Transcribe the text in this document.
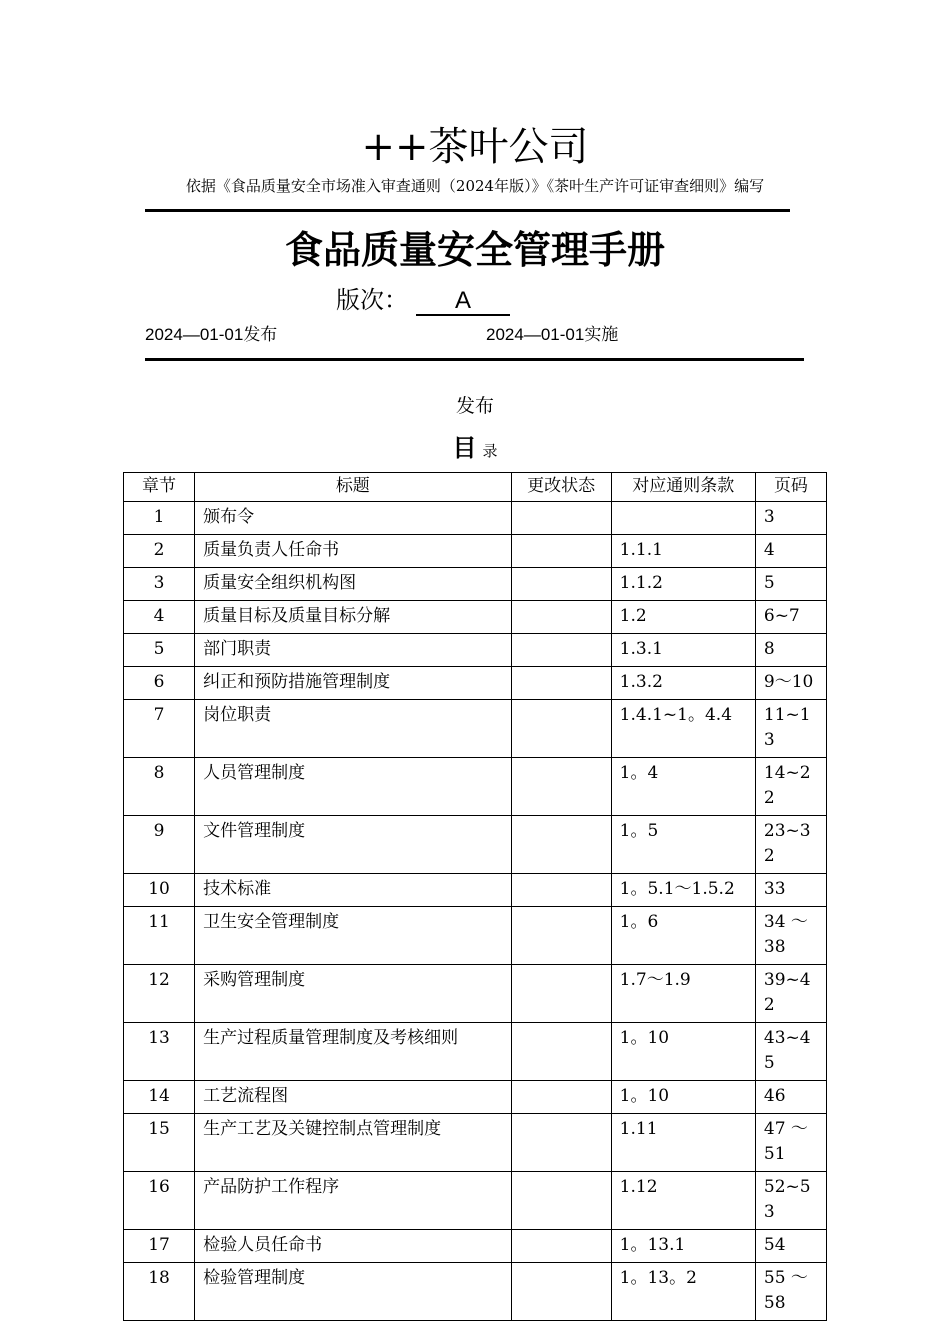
++茶叶公司
依据《食品质量安全市场准入审查通则（2024年版）》《茶叶生产许可证审查细则》编写
食品质量安全管理手册
版次： A
2024—01-01发布	2024—01-01实施
发布
目录
章节	标题	更改状态	对应通则条款	页码
1	颁布令			3
2	质量负责人任命书		1.1.1	4
3	质量安全组织机构图		1.1.2	5
4	质量目标及质量目标分解		1.2	6~7
5	部门职责		1.3.1	8
6	纠正和预防措施管理制度		1.3.2	9～10
7	岗位职责		1.4.1~1。4.4	11~13
8	人员管理制度		1。4	14~22
9	文件管理制度		1。5	23~32
10	技术标准		1。5.1～1.5.2	33
11	卫生安全管理制度		1。6	34 ～38
12	采购管理制度		1.7～1.9	39~42
13	生产过程质量管理制度及考核细则		1。10	43~45
14	工艺流程图		1。10	46
15	生产工艺及关键控制点管理制度		1.11	47 ～51
16	产品防护工作程序		1.12	52~53
17	检验人员任命书		1。13.1	54
18	检验管理制度		1。13。2	55 ～58
